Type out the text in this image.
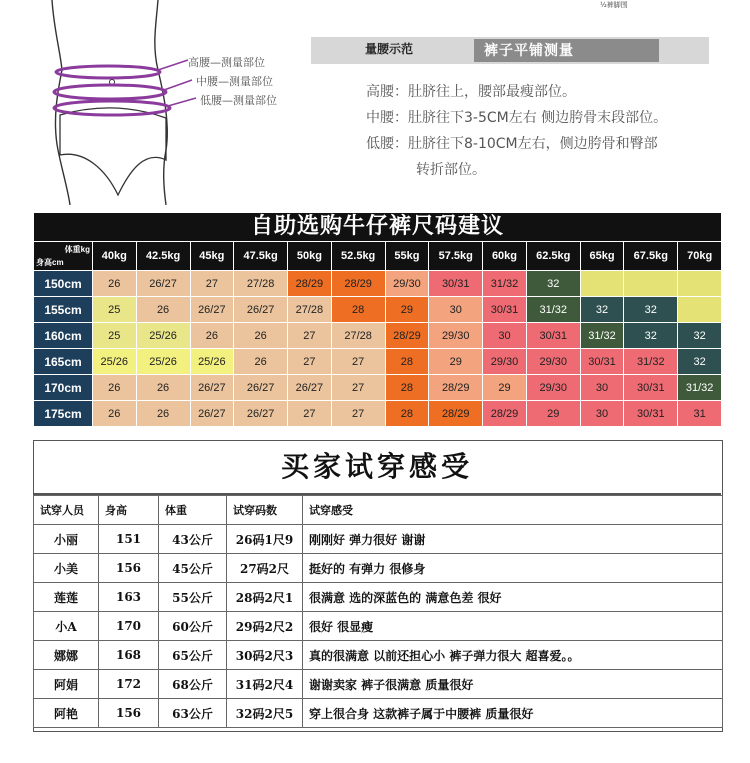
½裤脚围
高腰—测量部位
中腰—测量部位
低腰—测量部位
量腰示范	裤子平铺测量
高腰：肚脐往上，腰部最瘦部位。
中腰：肚脐往下3-5CM左右 侧边胯骨末段部位。
低腰：肚脐往下8-10CM左右，侧边胯骨和臀部
转折部位。
自助选购牛仔裤尺码建议
体重kg
身高cm	40kg	42.5kg	45kg	47.5kg	50kg	52.5kg	55kg	57.5kg	60kg	62.5kg	65kg	67.5kg	70kg
150cm	26	26/27	27	27/28	28/29	28/29	29/30	30/31	31/32	32			
155cm	25	26	26/27	26/27	27/28	28	29	30	30/31	31/32	32	32	
160cm	25	25/26	26	26	27	27/28	28/29	29/30	30	30/31	31/32	32	32
165cm	25/26	25/26	25/26	26	27	27	28	29	29/30	29/30	30/31	31/32	32
170cm	26	26	26/27	26/27	26/27	27	28	28/29	29	29/30	30	30/31	31/32
175cm	26	26	26/27	26/27	27	27	28	28/29	28/29	29	30	30/31	31
买家试穿感受
试穿人员	身高	体重	试穿码数	试穿感受
小丽	151	43公斤	26码1尺9	刚刚好 弹力很好 谢谢
小美	156	45公斤	27码2尺	挺好的 有弹力 很修身
莲莲	163	55公斤	28码2尺1	很满意 选的深蓝色的 满意色差 很好
小A	170	60公斤	29码2尺2	很好 很显瘦
娜娜	168	65公斤	30码2尺3	真的很满意 以前还担心小 裤子弹力很大 超喜爱。。
阿娟	172	68公斤	31码2尺4	谢谢卖家 裤子很满意 质量很好
阿艳	156	63公斤	32码2尺5	穿上很合身 这款裤子属于中腰裤 质量很好
